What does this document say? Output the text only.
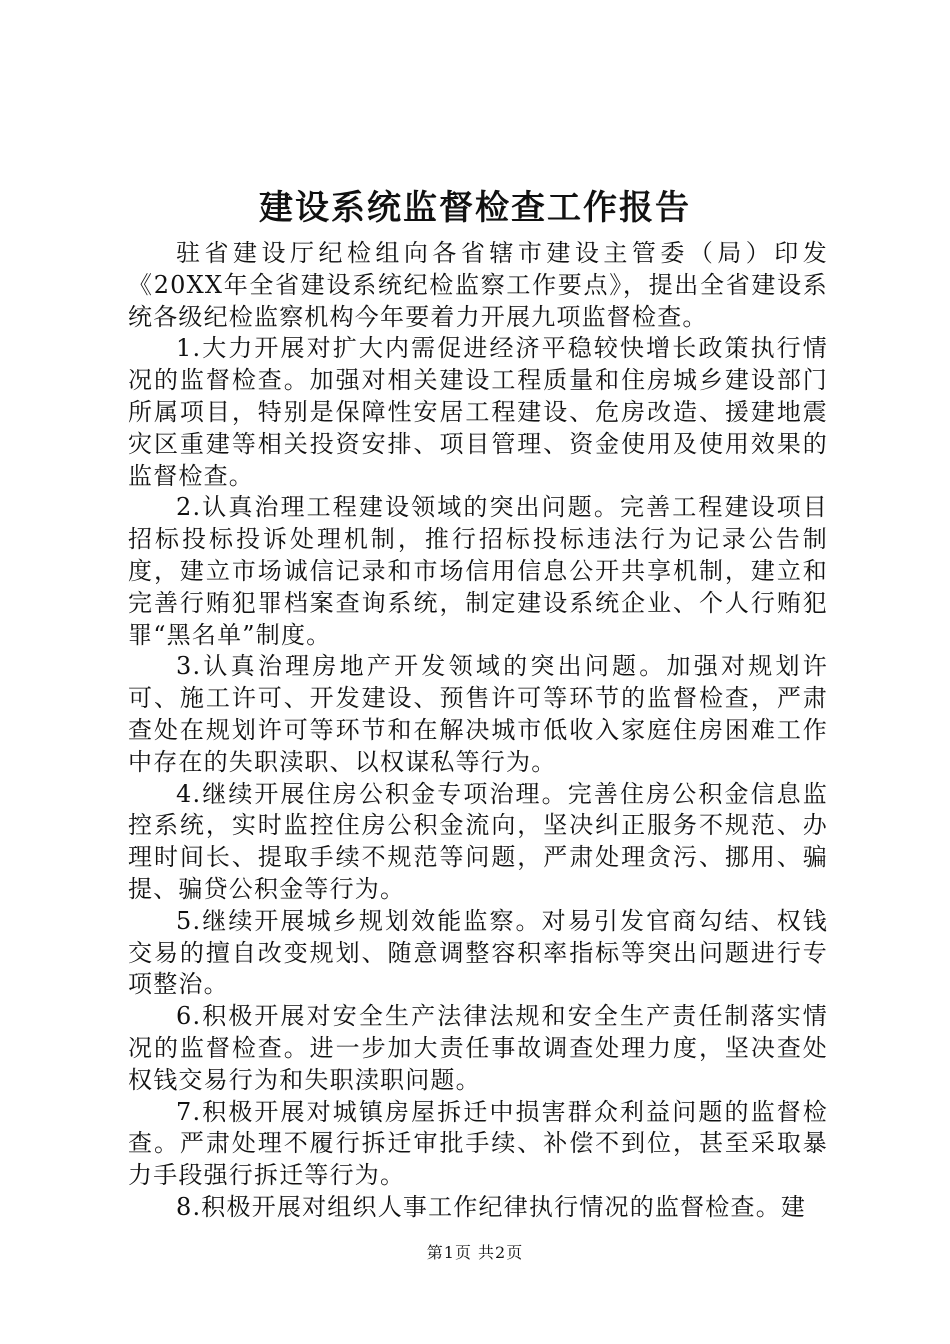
建设系统监督检查工作报告

驻省建设厅纪检组向各省辖市建设主管委（局）印发《20XX年全省建设系统纪检监察工作要点》，提出全省建设系统各级纪检监察机构今年要着力开展九项监督检查。

1.大力开展对扩大内需促进经济平稳较快增长政策执行情况的监督检查。加强对相关建设工程质量和住房城乡建设部门所属项目，特别是保障性安居工程建设、危房改造、援建地震灾区重建等相关投资安排、项目管理、资金使用及使用效果的监督检查。

2.认真治理工程建设领域的突出问题。完善工程建设项目招标投标投诉处理机制，推行招标投标违法行为记录公告制度，建立市场诚信记录和市场信用信息公开共享机制，建立和完善行贿犯罪档案查询系统，制定建设系统企业、个人行贿犯罪“黑名单”制度。

3.认真治理房地产开发领域的突出问题。加强对规划许可、施工许可、开发建设、预售许可等环节的监督检查，严肃查处在规划许可等环节和在解决城市低收入家庭住房困难工作中存在的失职渎职、以权谋私等行为。

4.继续开展住房公积金专项治理。完善住房公积金信息监控系统，实时监控住房公积金流向，坚决纠正服务不规范、办理时间长、提取手续不规范等问题，严肃处理贪污、挪用、骗提、骗贷公积金等行为。

5.继续开展城乡规划效能监察。对易引发官商勾结、权钱交易的擅自改变规划、随意调整容积率指标等突出问题进行专项整治。

6.积极开展对安全生产法律法规和安全生产责任制落实情况的监督检查。进一步加大责任事故调查处理力度，坚决查处权钱交易行为和失职渎职问题。

7.积极开展对城镇房屋拆迁中损害群众利益问题的监督检查。严肃处理不履行拆迁审批手续、补偿不到位，甚至采取暴力手段强行拆迁等行为。

8.积极开展对组织人事工作纪律执行情况的监督检查。建

第1页 共2页
